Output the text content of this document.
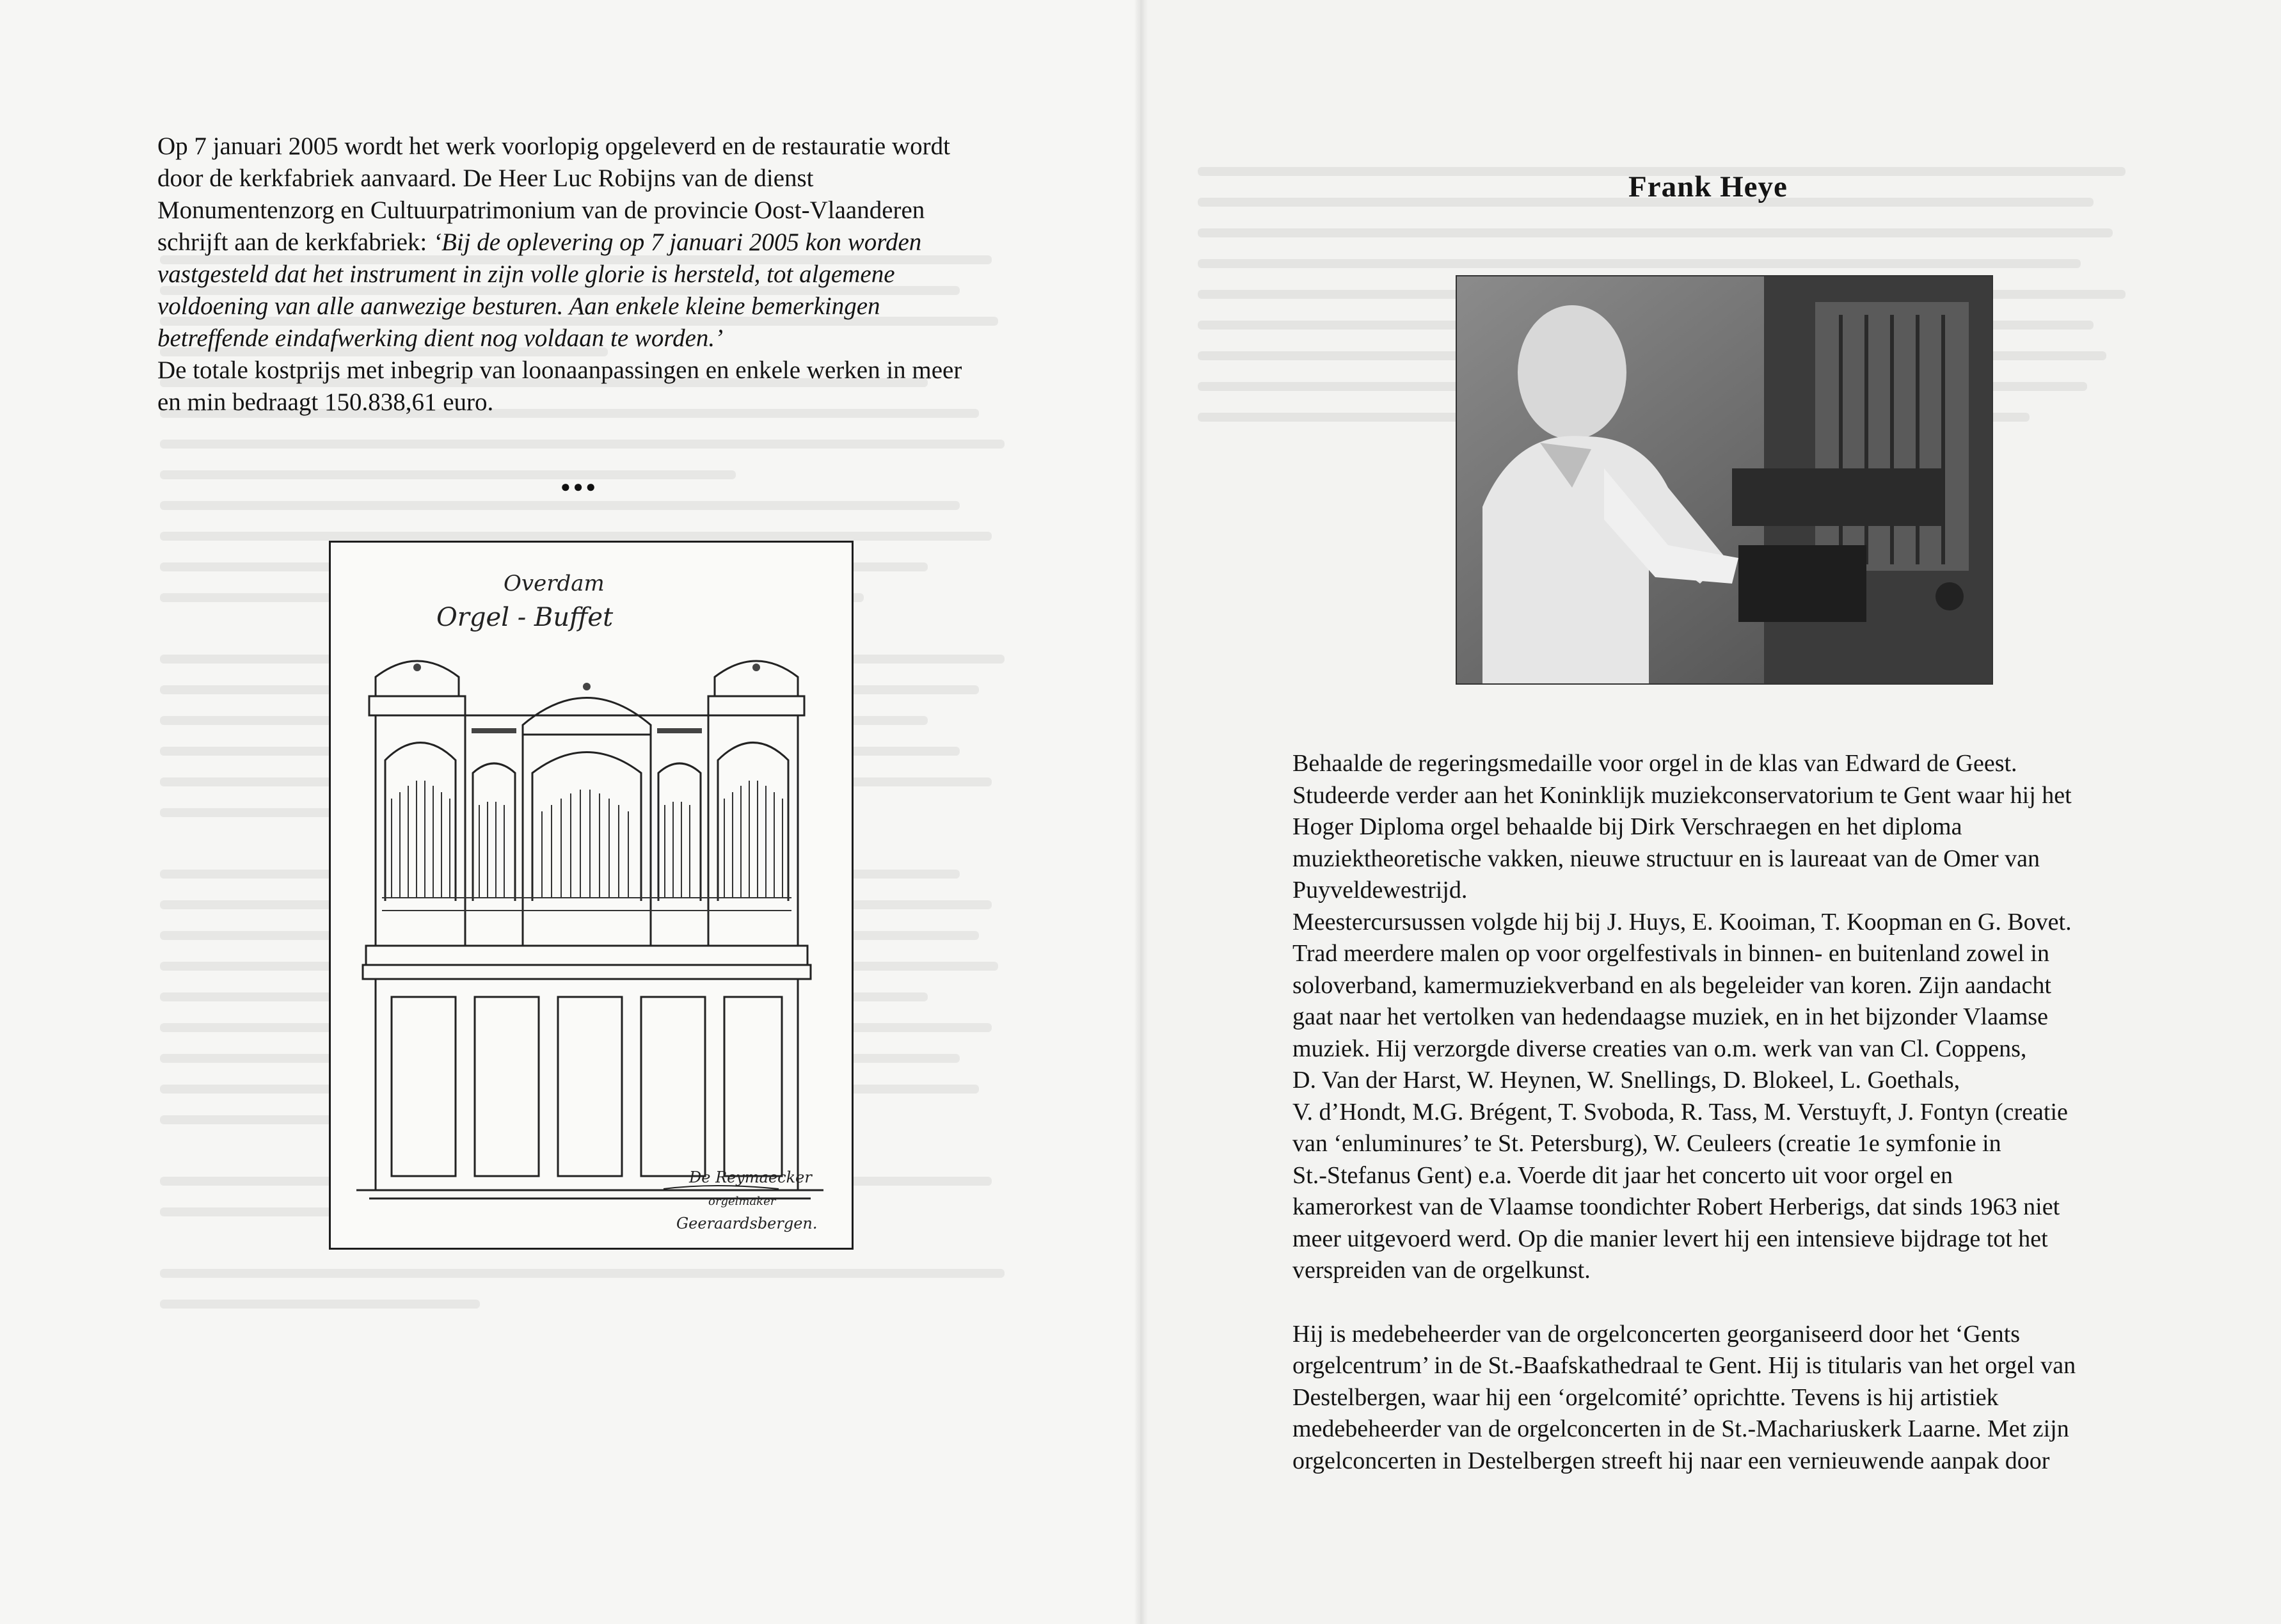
Op 7 januari 2005 wordt het werk voorlopig opgeleverd en de restauratie wordt
door de kerkfabriek aanvaard. De Heer Luc Robijns van de dienst
Monumentenzorg en Cultuurpatrimonium van de provincie Oost-Vlaanderen
schrijft aan de kerkfabriek: ‘Bij de oplevering op 7 januari 2005 kon worden
vastgesteld dat het instrument in zijn volle glorie is hersteld, tot algemene
voldoening van alle aanwezige besturen. Aan enkele kleine bemerkingen
betreffende eindafwerking dient nog voldaan te worden.’
De totale kostprijs met inbegrip van loonaanpassingen en enkele werken in meer
en min bedraagt 150.838,61 euro.
●●●
Overdam
Orgel - Buffet
De Reymaecker
orgelmaker
Geeraardsbergen.
Frank Heye
Behaalde de regeringsmedaille voor orgel in de klas van Edward de Geest.
Studeerde verder aan het Koninklijk muziekconservatorium te Gent waar hij het
Hoger Diploma orgel behaalde bij Dirk Verschraegen en het diploma
muziektheoretische vakken, nieuwe structuur en is laureaat van de Omer van
Puyveldewestrijd.
Meestercursussen volgde hij bij J. Huys, E. Kooiman, T. Koopman en G. Bovet.
Trad meerdere malen op voor orgelfestivals in binnen- en buitenland zowel in
soloverband, kamermuziekverband en als begeleider van koren. Zijn aandacht
gaat naar het vertolken van hedendaagse muziek, en in het bijzonder Vlaamse
muziek. Hij verzorgde diverse creaties van o.m. werk van van Cl. Coppens,
D. Van der Harst, W. Heynen, W. Snellings, D. Blokeel, L. Goethals,
V. d’Hondt, M.G. Brégent, T. Svoboda, R. Tass, M. Verstuyft, J. Fontyn (creatie
van ‘enluminures’ te St. Petersburg), W. Ceuleers (creatie 1e symfonie in
St.-Stefanus Gent) e.a. Voerde dit jaar het concerto uit voor orgel en
kamerorkest van de Vlaamse toondichter Robert Herberigs, dat sinds 1963 niet
meer uitgevoerd werd. Op die manier levert hij een intensieve bijdrage tot het
verspreiden van de orgelkunst.
Hij is medebeheerder van de orgelconcerten georganiseerd door het ‘Gents
orgelcentrum’ in de St.-Baafskathedraal te Gent. Hij is titularis van het orgel van
Destelbergen, waar hij een ‘orgelcomité’ oprichtte. Tevens is hij artistiek
medebeheerder van de orgelconcerten in de St.-Machariuskerk Laarne. Met zijn
orgelconcerten in Destelbergen streeft hij naar een vernieuwende aanpak door
